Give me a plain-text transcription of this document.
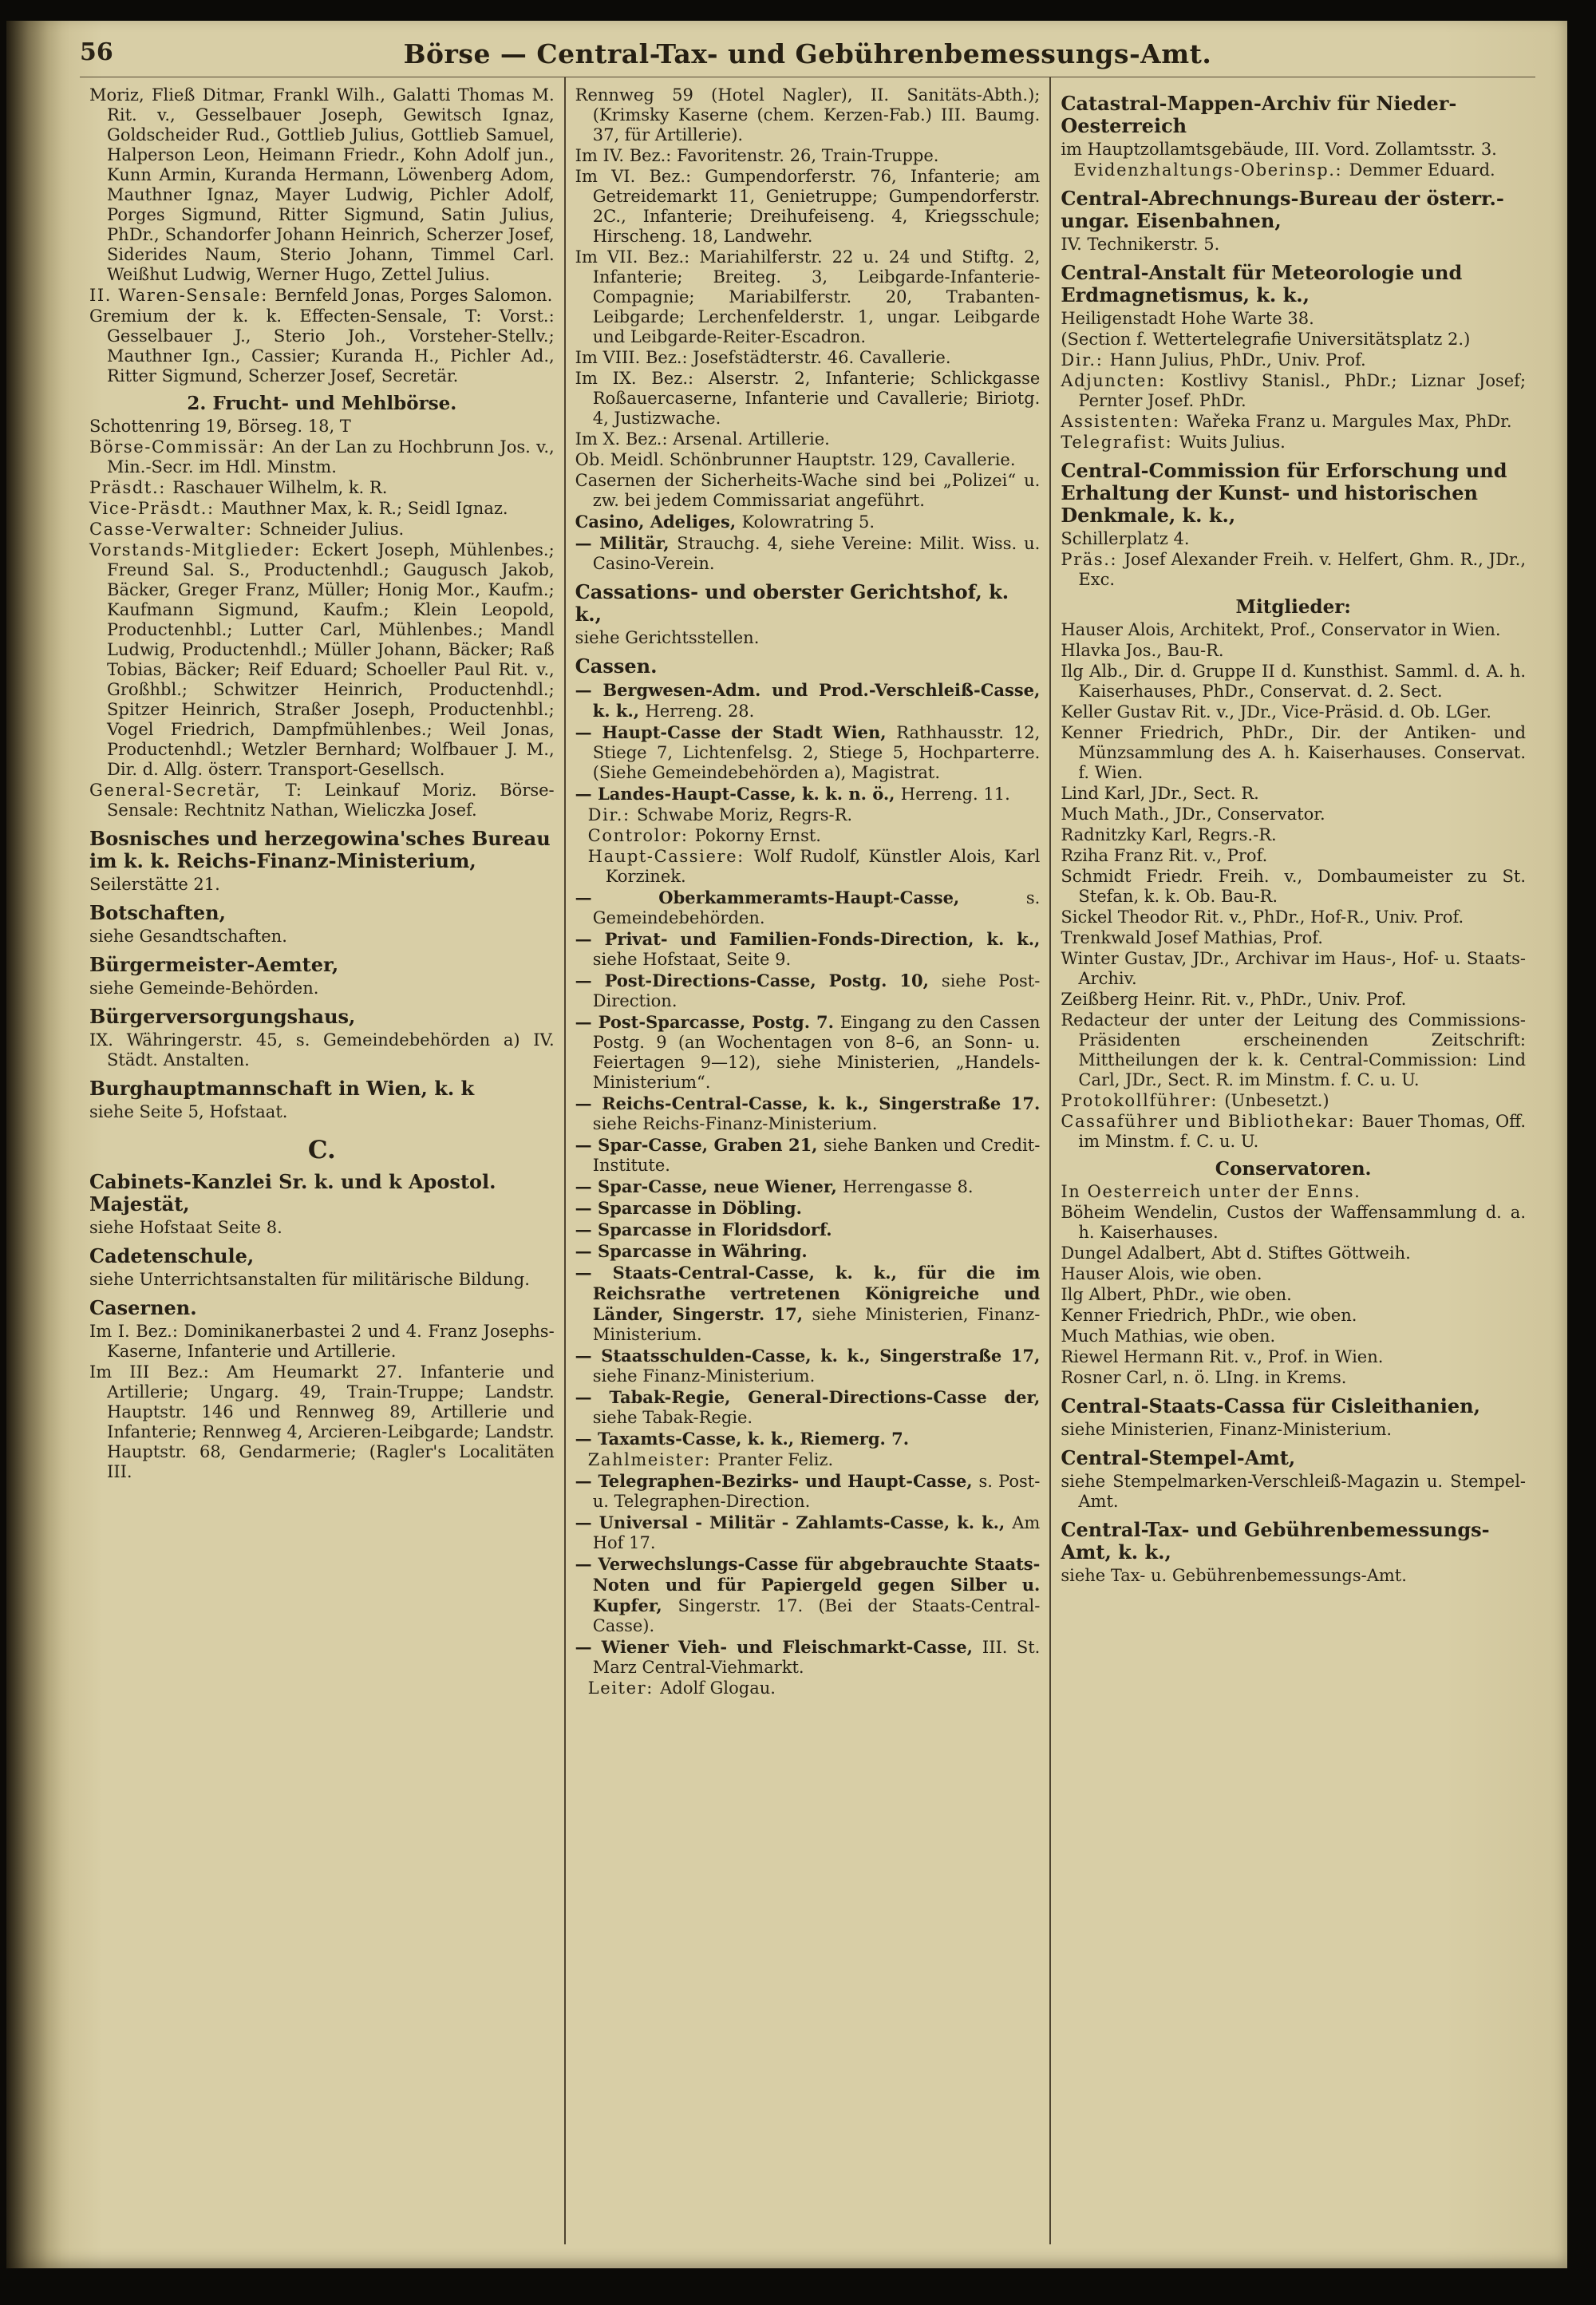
56	Börse — Central-Tax- und Gebührenbemessungs-Amt.

Moriz, Fließ Ditmar, Frankl Wilh., Galatti Thomas M. Rit. v., Gesselbauer Joseph, Gewitsch Ignaz, Goldscheider Rud., Gottlieb Julius, Gottlieb Samuel, Halperson Leon, Heimann Friedr., Kohn Adolf jun., Kunn Armin, Kuranda Hermann, Löwenberg Adom, Mauthner Ignaz, Mayer Ludwig, Pichler Adolf, Porges Sigmund, Ritter Sigmund, Satin Julius, PhDr., Schandorfer Johann Heinrich, Scherzer Josef, Siderides Naum, Sterio Johann, Timmel Carl. Weißhut Ludwig, Werner Hugo, Zettel Julius.

II. Waren-Sensale: Bernfeld Jonas, Porges Salomon.

Gremium der k. k. Effecten-Sensale, T: Vorst.: Gesselbauer J., Sterio Joh., Vorsteher-Stellv.; Mauthner Ign., Cassier; Kuranda H., Pichler Ad., Ritter Sigmund, Scherzer Josef, Secretär.

2. Frucht- und Mehlbörse.

Schottenring 19, Börseg. 18, T

Börse-Commissär: An der Lan zu Hochbrunn Jos. v., Min.-Secr. im Hdl. Minstm.

Präsdt.: Raschauer Wilhelm, k. R.

Vice-Präsdt.: Mauthner Max, k. R.; Seidl Ignaz.

Casse-Verwalter: Schneider Julius.

Vorstands-Mitglieder: Eckert Joseph, Mühlenbes.; Freund Sal. S., Productenhdl.; Gaugusch Jakob, Bäcker, Greger Franz, Müller; Honig Mor., Kaufm.; Kaufmann Sigmund, Kaufm.; Klein Leopold, Productenhbl.; Lutter Carl, Mühlenbes.; Mandl Ludwig, Productenhdl.; Müller Johann, Bäcker; Raß Tobias, Bäcker; Reif Eduard; Schoeller Paul Rit. v., Großhbl.; Schwitzer Heinrich, Productenhdl.; Spitzer Heinrich, Straßer Joseph, Productenhbl.; Vogel Friedrich, Dampfmühlenbes.; Weil Jonas, Productenhdl.; Wetzler Bernhard; Wolfbauer J. M., Dir. d. Allg. österr. Transport-Gesellsch.

General-Secretär, T: Leinkauf Moriz. Börse-Sensale: Rechtnitz Nathan, Wieliczka Josef.

Bosnisches und herzegowina'sches Bureau im k. k. Reichs-Finanz-Ministerium,

Seilerstätte 21.

Botschaften,

siehe Gesandtschaften.

Bürgermeister-Aemter,

siehe Gemeinde-Behörden.

Bürgerversorgungshaus,

IX. Währingerstr. 45, s. Gemeindebehörden a) IV. Städt. Anstalten.

Burghauptmannschaft in Wien, k. k

siehe Seite 5, Hofstaat.

C.

Cabinets-Kanzlei Sr. k. und k Apostol. Majestät,

siehe Hofstaat Seite 8.

Cadetenschule,

siehe Unterrichtsanstalten für militärische Bildung.

Casernen.

Im I. Bez.: Dominikanerbastei 2 und 4. Franz Josephs-Kaserne, Infanterie und Artillerie.

Im III Bez.: Am Heumarkt 27. Infanterie und Artillerie; Ungarg. 49, Train-Truppe; Landstr. Hauptstr. 146 und Rennweg 89, Artillerie und Infanterie; Rennweg 4, Arcieren-Leibgarde; Landstr. Hauptstr. 68, Gendarmerie; (Ragler's Localitäten III.

Rennweg 59 (Hotel Nagler), II. Sanitäts-Abth.); (Krimsky Kaserne (chem. Kerzen-Fab.) III. Baumg. 37, für Artillerie).

Im IV. Bez.: Favoritenstr. 26, Train-Truppe.

Im VI. Bez.: Gumpendorferstr. 76, Infanterie; am Getreidemarkt 11, Genietruppe; Gumpendorferstr. 2C., Infanterie; Dreihufeiseng. 4, Kriegsschule; Hirscheng. 18, Landwehr.

Im VII. Bez.: Mariahilferstr. 22 u. 24 und Stiftg. 2, Infanterie; Breiteg. 3, Leibgarde-Infanterie-Compagnie; Mariabilferstr. 20, Trabanten-Leibgarde; Lerchenfelderstr. 1, ungar. Leibgarde und Leibgarde-Reiter-Escadron.

Im VIII. Bez.: Josefstädterstr. 46. Cavallerie.

Im IX. Bez.: Alserstr. 2, Infanterie; Schlickgasse Roßauercaserne, Infanterie und Cavallerie; Biriotg. 4, Justizwache.

Im X. Bez.: Arsenal. Artillerie.

Ob. Meidl. Schönbrunner Hauptstr. 129, Cavallerie.

Casernen der Sicherheits-Wache sind bei „Polizei“ u. zw. bei jedem Commissariat angeführt.

Casino, Adeliges, Kolowratring 5.

— Militär, Strauchg. 4, siehe Vereine: Milit. Wiss. u. Casino-Verein.

Cassations- und oberster Gerichtshof, k. k.,

siehe Gerichtsstellen.

Cassen.

— Bergwesen-Adm. und Prod.-Verschleiß-Casse, k. k., Herreng. 28.

— Haupt-Casse der Stadt Wien, Rathhausstr. 12, Stiege 7, Lichtenfelsg. 2, Stiege 5, Hochparterre. (Siehe Gemeindebehörden a), Magistrat.

— Landes-Haupt-Casse, k. k. n. ö., Herreng. 11.

Dir.: Schwabe Moriz, Regrs-R.

Controlor: Pokorny Ernst.

Haupt-Cassiere: Wolf Rudolf, Künstler Alois, Karl Korzinek.

— Oberkammeramts-Haupt-Casse, s. Gemeindebehörden.

— Privat- und Familien-Fonds-Direction, k. k., siehe Hofstaat, Seite 9.

— Post-Directions-Casse, Postg. 10, siehe Post-Direction.

— Post-Sparcasse, Postg. 7. Eingang zu den Cassen Postg. 9 (an Wochentagen von 8–6, an Sonn- u. Feiertagen 9—12), siehe Ministerien, „Handels-Ministerium“.

— Reichs-Central-Casse, k. k., Singerstraße 17. siehe Reichs-Finanz-Ministerium.

— Spar-Casse, Graben 21, siehe Banken und Credit-Institute.

— Spar-Casse, neue Wiener, Herrengasse 8.

— Sparcasse in Döbling.

— Sparcasse in Floridsdorf.

— Sparcasse in Währing.

— Staats-Central-Casse, k. k., für die im Reichsrathe vertretenen Königreiche und Länder, Singerstr. 17, siehe Ministerien, Finanz-Ministerium.

— Staatsschulden-Casse, k. k., Singerstraße 17, siehe Finanz-Ministerium.

— Tabak-Regie, General-Directions-Casse der, siehe Tabak-Regie.

— Taxamts-Casse, k. k., Riemerg. 7.

Zahlmeister: Pranter Feliz.

— Telegraphen-Bezirks- und Haupt-Casse, s. Post- u. Telegraphen-Direction.

— Universal - Militär - Zahlamts-Casse, k. k., Am Hof 17.

— Verwechslungs-Casse für abgebrauchte Staats-Noten und für Papiergeld gegen Silber u. Kupfer, Singerstr. 17. (Bei der Staats-Central-Casse).

— Wiener Vieh- und Fleischmarkt-Casse, III. St. Marz Central-Viehmarkt.

Leiter: Adolf Glogau.

Catastral-Mappen-Archiv für Nieder-Oesterreich

im Hauptzollamtsgebäude, III. Vord. Zollamtsstr. 3.

Evidenzhaltungs-Oberinsp.: Demmer Eduard.

Central-Abrechnungs-Bureau der österr.-ungar. Eisenbahnen,

IV. Technikerstr. 5.

Central-Anstalt für Meteorologie und Erdmagnetismus, k. k.,

Heiligenstadt Hohe Warte 38.

(Section f. Wettertelegrafie Universitätsplatz 2.)

Dir.: Hann Julius, PhDr., Univ. Prof.

Adjuncten: Kostlivy Stanisl., PhDr.; Liznar Josef; Pernter Josef. PhDr.

Assistenten: Wařeka Franz u. Margules Max, PhDr.

Telegrafist: Wuits Julius.

Central-Commission für Erforschung und Erhaltung der Kunst- und historischen Denkmale, k. k.,

Schillerplatz 4.

Präs.: Josef Alexander Freih. v. Helfert, Ghm. R., JDr., Exc.

Mitglieder:

Hauser Alois, Architekt, Prof., Conservator in Wien.

Hlavka Jos., Bau-R.

Ilg Alb., Dir. d. Gruppe II d. Kunsthist. Samml. d. A. h. Kaiserhauses, PhDr., Conservat. d. 2. Sect.

Keller Gustav Rit. v., JDr., Vice-Präsid. d. Ob. LGer.

Kenner Friedrich, PhDr., Dir. der Antiken- und Münzsammlung des A. h. Kaiserhauses. Conservat. f. Wien.

Lind Karl, JDr., Sect. R.

Much Math., JDr., Conservator.

Radnitzky Karl, Regrs.-R.

Rziha Franz Rit. v., Prof.

Schmidt Friedr. Freih. v., Dombaumeister zu St. Stefan, k. k. Ob. Bau-R.

Sickel Theodor Rit. v., PhDr., Hof-R., Univ. Prof.

Trenkwald Josef Mathias, Prof.

Winter Gustav, JDr., Archivar im Haus-, Hof- u. Staats-Archiv.

Zeißberg Heinr. Rit. v., PhDr., Univ. Prof.

Redacteur der unter der Leitung des Commissions-Präsidenten erscheinenden Zeitschrift: Mittheilungen der k. k. Central-Commission: Lind Carl, JDr., Sect. R. im Minstm. f. C. u. U.

Protokollführer: (Unbesetzt.)

Cassaführer und Bibliothekar: Bauer Thomas, Off. im Minstm. f. C. u. U.

Conservatoren.

In Oesterreich unter der Enns.

Böheim Wendelin, Custos der Waffensammlung d. a. h. Kaiserhauses.

Dungel Adalbert, Abt d. Stiftes Göttweih.

Hauser Alois, wie oben.

Ilg Albert, PhDr., wie oben.

Kenner Friedrich, PhDr., wie oben.

Much Mathias, wie oben.

Riewel Hermann Rit. v., Prof. in Wien.

Rosner Carl, n. ö. LIng. in Krems.

Central-Staats-Cassa für Cisleithanien,

siehe Ministerien, Finanz-Ministerium.

Central-Stempel-Amt,

siehe Stempelmarken-Verschleiß-Magazin u. Stempel-Amt.

Central-Tax- und Gebührenbemessungs-Amt, k. k.,

siehe Tax- u. Gebührenbemessungs-Amt.
